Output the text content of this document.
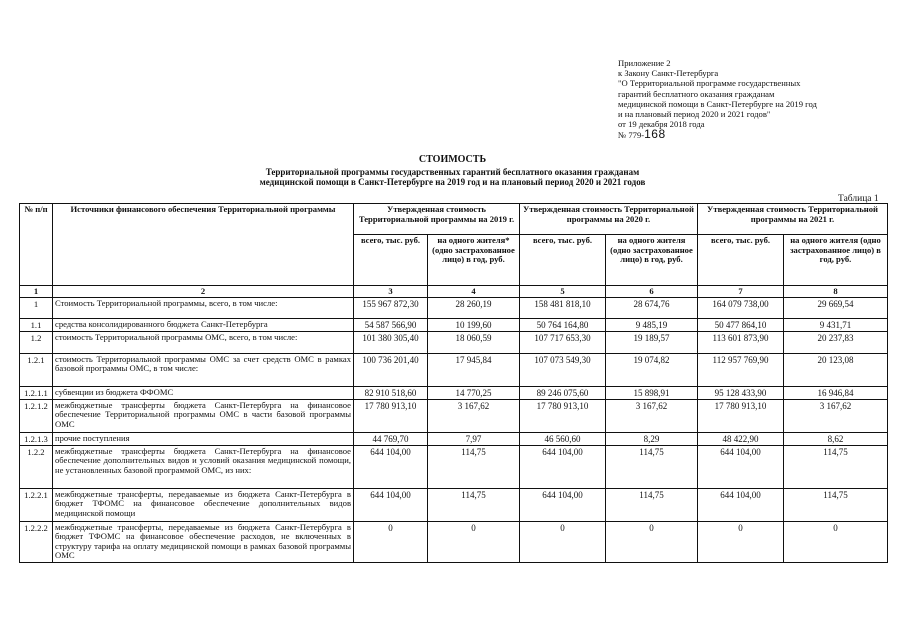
Приложение 2
к Закону Санкт-Петербурга
"О Территориальной программе государственных
гарантий бесплатного оказания гражданам
медицинской помощи в Санкт-Петербурге на 2019 год
и на плановый период 2020 и 2021 годов"
от 19 декабря 2018 года
№ 779-168
СТОИМОСТЬ
Территориальной программы государственных гарантий бесплатного оказания гражданам
медицинской помощи в Санкт-Петербурге на 2019 год и на плановый период 2020 и 2021 годов
Таблица 1
№ п/п	Источники финансового обеспечения Территориальной программы	Утвержденная стоимость Территориальной программы на 2019 г.		Утвержденная стоимость Территориальной программы на 2020 г.		Утвержденная стоимость Территориальной программы на 2021 г.	
		всего, тыс. руб.	на одного жителя* (одно застрахованное лицо) в год, руб.	всего, тыс. руб.	на одного жителя (одно застрахованное лицо) в год, руб.	всего, тыс. руб.	на одного жителя (одно застрахованное лицо) в год, руб.
1	2	3	4	5	6	7	8
1	Стоимость Территориальной программы, всего, в том числе:	155 967 872,30	28 260,19	158 481 818,10	28 674,76	164 079 738,00	29 669,54
1.1	средства консолидированного бюджета Санкт-Петербурга	54 587 566,90	10 199,60	50 764 164,80	9 485,19	50 477 864,10	9 431,71
1.2	стоимость Территориальной программы ОМС, всего, в том числе:	101 380 305,40	18 060,59	107 717 653,30	19 189,57	113 601 873,90	20 237,83
1.2.1	стоимость Территориальной программы ОМС за счет средств ОМС в рамках базовой программы ОМС, в том числе:	100 736 201,40	17 945,84	107 073 549,30	19 074,82	112 957 769,90	20 123,08
1.2.1.1	субвенции из бюджета ФФОМС	82 910 518,60	14 770,25	89 246 075,60	15 898,91	95 128 433,90	16 946,84
1.2.1.2	межбюджетные трансферты бюджета Санкт-Петербурга на финансовое обеспечение Территориальной программы ОМС в части базовой программы ОМС	17 780 913,10	3 167,62	17 780 913,10	3 167,62	17 780 913,10	3 167,62
1.2.1.3	прочие поступления	44 769,70	7,97	46 560,60	8,29	48 422,90	8,62
1.2.2	межбюджетные трансферты бюджета Санкт-Петербурга на финансовое обеспечение дополнительных видов и условий оказания медицинской помощи, не установленных базовой программой ОМС, из них:	644 104,00	114,75	644 104,00	114,75	644 104,00	114,75
1.2.2.1	межбюджетные трансферты, передаваемые из бюджета Санкт-Петербурга в бюджет ТФОМС на финансовое обеспечение дополнительных видов медицинской помощи	644 104,00	114,75	644 104,00	114,75	644 104,00	114,75
1.2.2.2	межбюджетные трансферты, передаваемые из бюджета Санкт-Петербурга в бюджет ТФОМС на финансовое обеспечение расходов, не включенных в структуру тарифа на оплату медицинской помощи в рамках базовой программы ОМС	0	0	0	0	0	0
